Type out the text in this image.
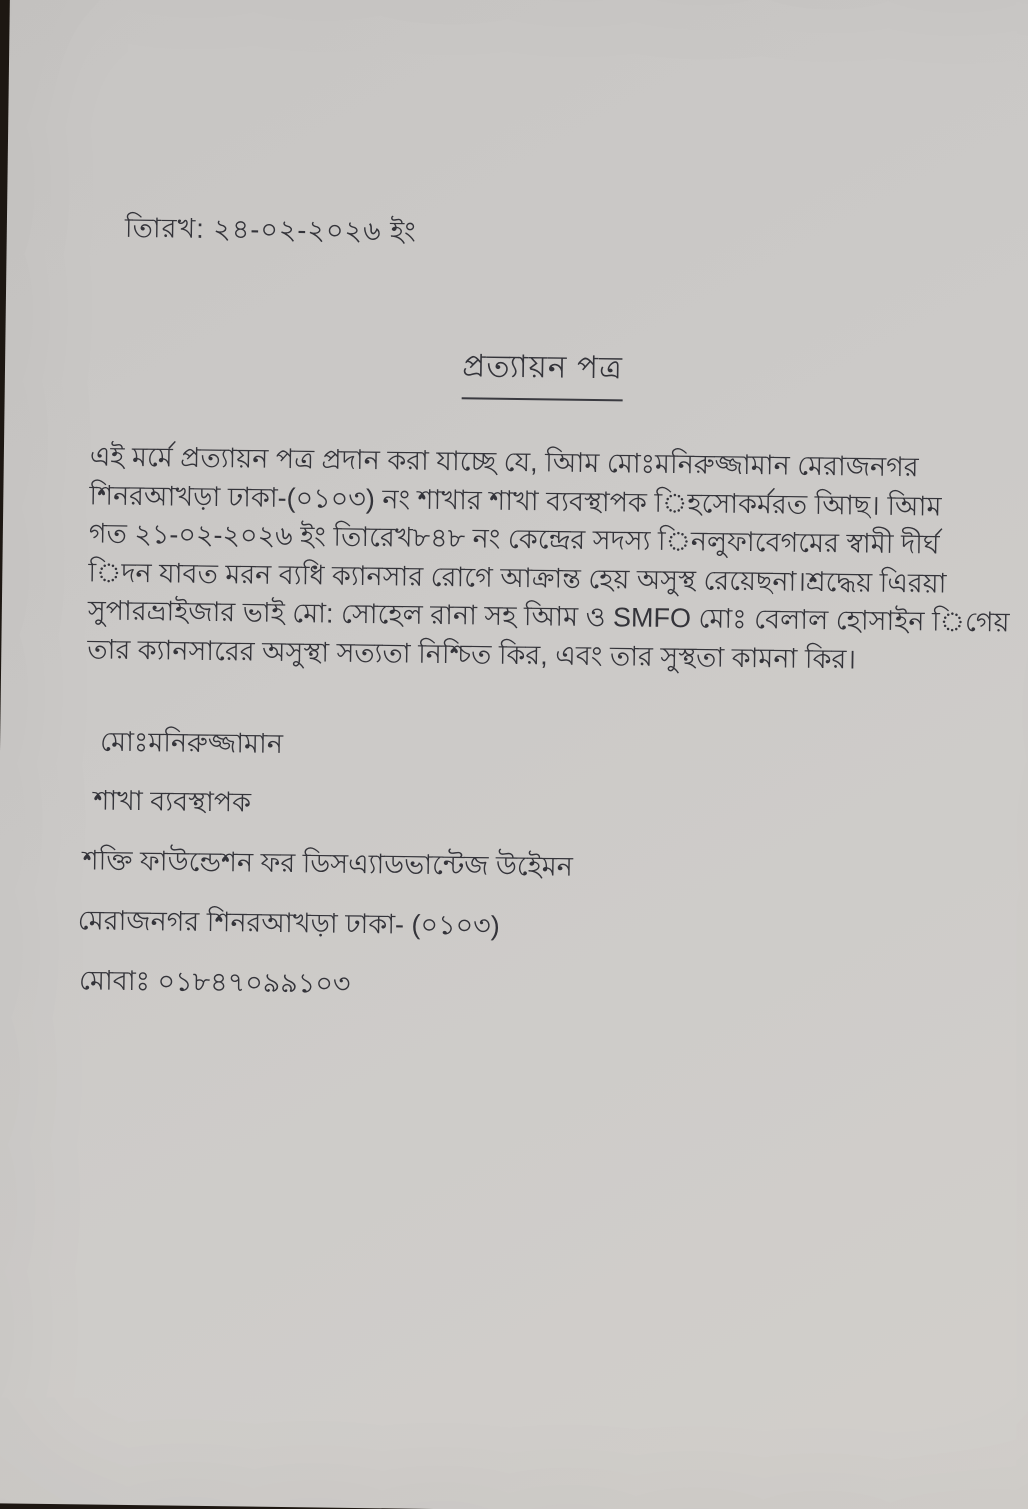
তািরখ: ২৪-০২-২০২৬ ইং
প্রত্যায়ন পত্র
এই মর্মে প্রত্যায়ন পত্র প্রদান করা যাচ্ছে যে, আিম মোঃমনিরুজ্জামান মেরাজনগর
শিনরআখড়া ঢাকা-(০১০৩) নং শাখার শাখা ব্যবস্থাপক িহসােকর্মরত আিছ। আিম
গত ২১-০২-২০২৬ ইং তািরেখ৮৪৮ নং কেন্দ্রের সদস্য িনলুফাবেগমের স্বামী দীর্ঘ
িদন যাবত মরন ব্যধি ক্যানসার রোগে আক্রান্ত হেয় অসুস্থ রেয়েছনা।শ্রদ্ধেয় এিরয়া
সুপারভ্রাইজার ভাই মো: সোহেল রানা সহ আিম ও SMFO মোঃ বেলাল হোসাইন িগেয়
তার ক্যানসারের অসুস্থা সত্যতা নিশ্চিত কির, এবং তার সুস্থতা কামনা কির।
মোঃমনিরুজ্জামান
শাখা ব্যবস্থাপক
শক্তি ফাউন্ডেশন ফর ডিসএ্যাডভান্টেজ উইেমন
মেরাজনগর শিনরআখড়া ঢাকা- (০১০৩)
মোবাঃ ০১৮৪৭০৯৯১০৩
